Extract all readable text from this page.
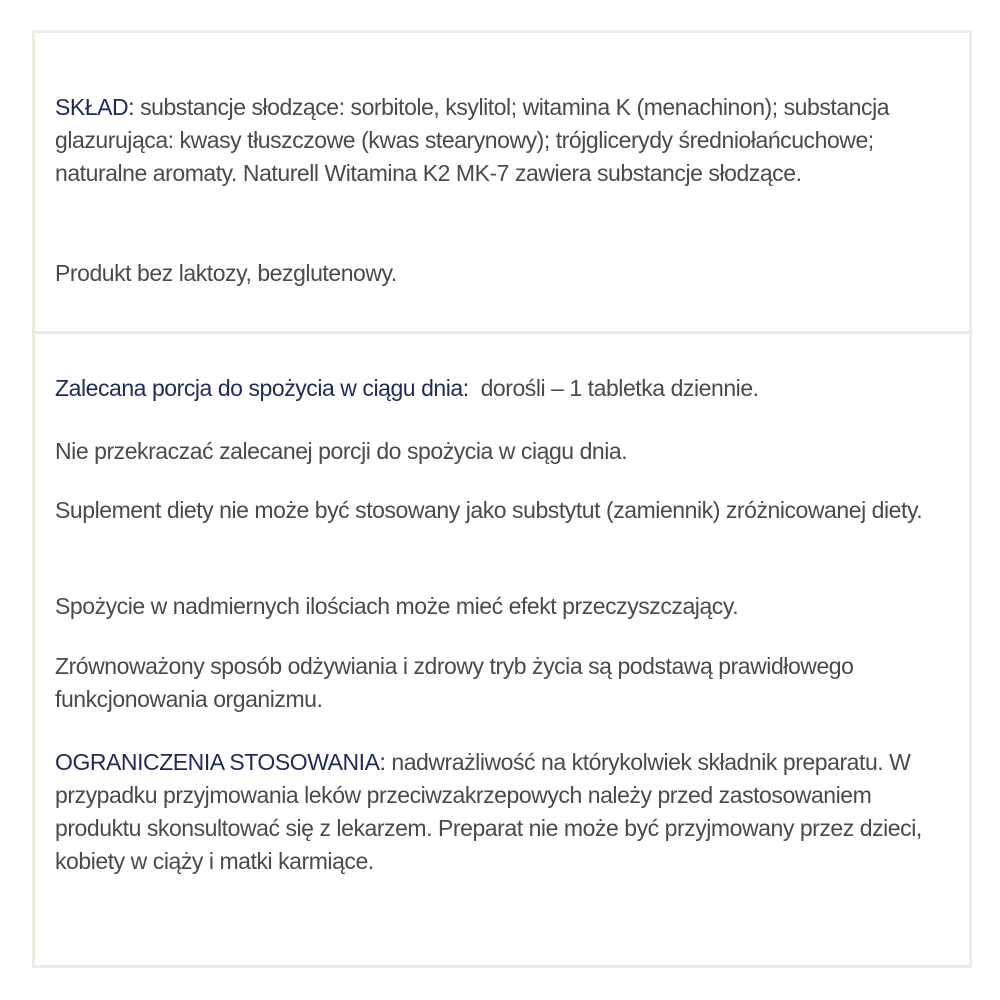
SKŁAD: substancje słodzące: sorbitole, ksylitol; witamina K (menachinon); substancja glazurująca: kwasy tłuszczowe (kwas stearynowy); trójglicerydy średniołańcuchowe; naturalne aromaty. Naturell Witamina K2 MK-7 zawiera substancje słodzące.

Produkt bez laktozy, bezglutenowy.

Zalecana porcja do spożycia w ciągu dnia: dorośli – 1 tabletka dziennie.

Nie przekraczać zalecanej porcji do spożycia w ciągu dnia.

Suplement diety nie może być stosowany jako substytut (zamiennik) zróżnicowanej diety.

Spożycie w nadmiernych ilościach może mieć efekt przeczyszczający.

Zrównoważony sposób odżywiania i zdrowy tryb życia są podstawą prawidłowego funkcjonowania organizmu.

OGRANICZENIA STOSOWANIA: nadwrażliwość na którykolwiek składnik preparatu. W przypadku przyjmowania leków przeciwzakrzepowych należy przed zastosowaniem produktu skonsultować się z lekarzem. Preparat nie może być przyjmowany przez dzieci, kobiety w ciąży i matki karmiące.
